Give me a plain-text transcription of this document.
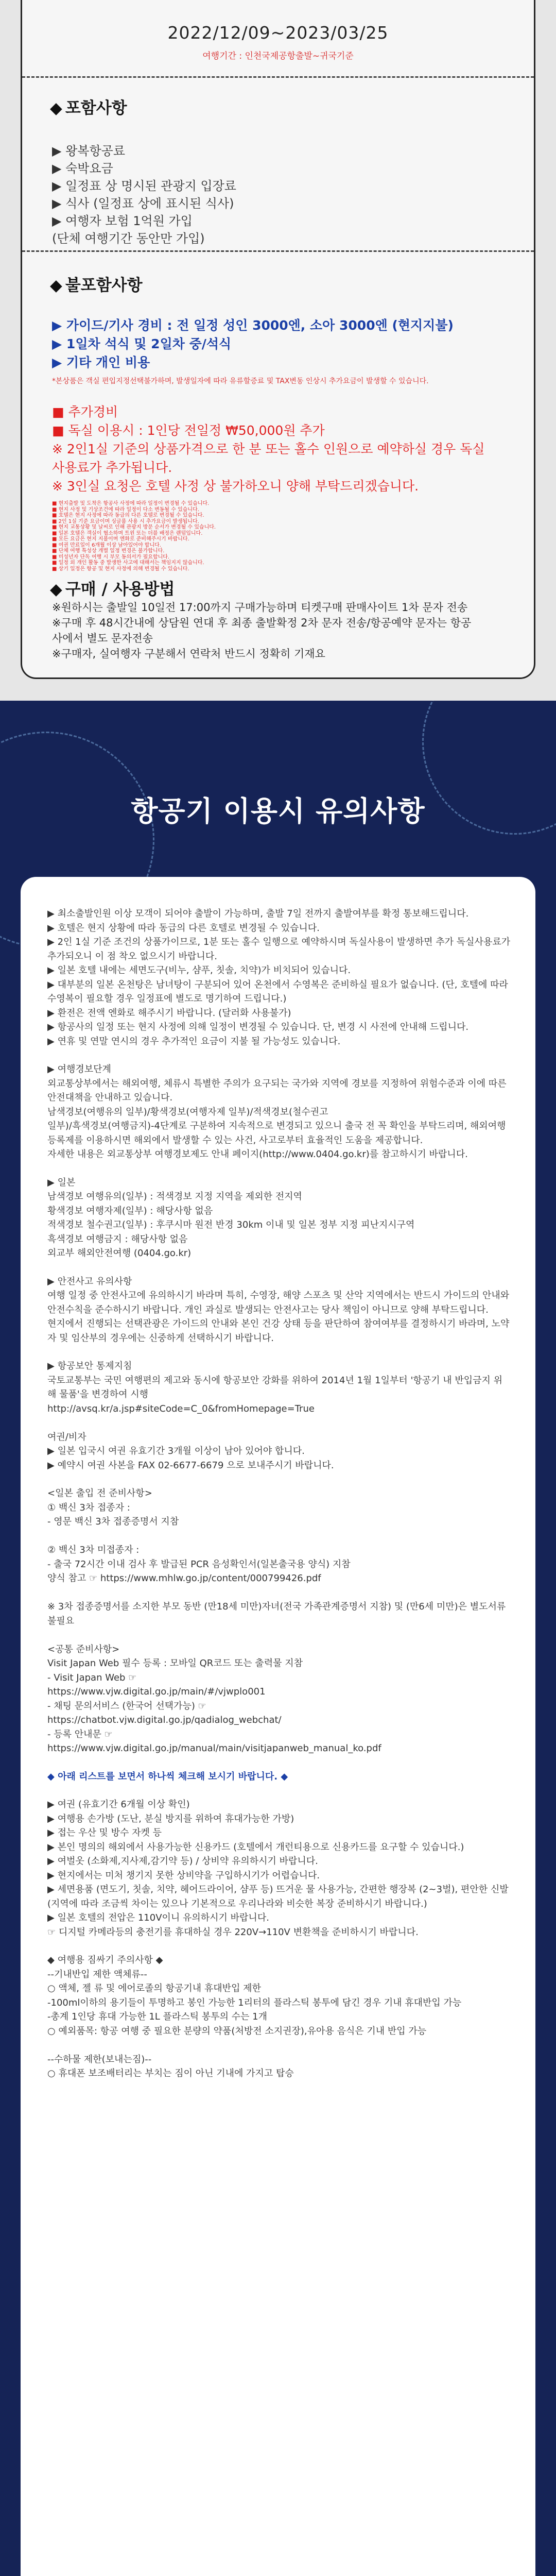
2022/12/09~2023/03/25
여행기간 : 인천국제공항출발~귀국기준
◆ 포함사항
▶ 왕복항공료
▶ 숙박요금
▶ 일정표 상 명시된 관광지 입장료
▶ 식사 (일정표 상에 표시된 식사)
▶ 여행자 보험 1억원 가입
(단체 여행기간 동안만 가입)
◆ 불포함사항
▶ 가이드/기사 경비 : 전 일정 성인 3000엔, 소아 3000엔 (현지지불)
▶ 1일차 석식 및 2일차 중/석식
▶ 기타 개인 비용
*본상품은 객실 편입지정선택불가하며, 발생일자에 따라 유류할증료 및 TAX변동 인상시 추가요금이 발생할 수 있습니다.
■ 추가경비
■ 독실 이용시 : 1인당 전일정 ₩50,000원 추가
※ 2인1실 기준의 상품가격으로 한 분 또는 홀수 인원으로 예약하실 경우 독실
사용료가 추가됩니다.
※ 3인실 요청은 호텔 사정 상 불가하오니 양해 부탁드리겠습니다.
■ 현지출발 및 도착은 항공사 사정에 따라 일정이 변경될 수 있습니다.
■ 현지 사정 및 기상조건에 따라 일정이 다소 변동될 수 있습니다.
■ 호텔은 현지 사정에 따라 동급의 다른 호텔로 변경될 수 있습니다.
■ 2인 1실 기준 요금이며 싱글룸 사용 시 추가요금이 발생됩니다.
■ 현지 교통상황 및 날씨로 인해 관광지 방문 순서가 변경될 수 있습니다.
■ 일본 호텔은 객실이 협소하며 트윈 또는 더블 배정은 랜덤입니다.
■ 모든 요금은 현지 지불이며 엔화로 준비해주시기 바랍니다.
■ 여권 만료일이 6개월 이상 남아있어야 합니다.
■ 단체 여행 특성상 개별 일정 변경은 불가합니다.
■ 미성년자 단독 여행 시 부모 동의서가 필요합니다.
■ 일정 외 개인 활동 중 발생한 사고에 대해서는 책임지지 않습니다.
■ 상기 일정은 항공 및 현지 사정에 의해 변경될 수 있습니다.
◆ 구매 / 사용방법
※원하시는 출발일 10일전 17:00까지 구매가능하며 티켓구매 판매사이트 1차 문자 전송
※구매 후 48시간내에 상담원 연대 후 최종 출발확정 2차 문자 전송/항공예약 문자는 항공
사에서 별도 문자전송
※구매자, 실여행자 구분해서 연락처 반드시 정확히 기재요
항공기 이용시 유의사항

▶ 최소출발인원 이상 모객이 되어야 출발이 가능하며, 출발 7일 전까지 출발여부를 확정 통보해드립니다.
▶ 호텔은 현지 상황에 따라 동급의 다른 호텔로 변경될 수 있습니다.
▶ 2인 1실 기준 조건의 상품가이므로, 1분 또는 홀수 일행으로 예약하시며 독실사용이 발생하면 추가 독실사용료가 추가되오니 이 점 착오 없으시기 바랍니다.
▶ 일본 호텔 내에는 세면도구(비누, 샴푸, 칫솔, 치약)가 비치되어 있습니다.
▶ 대부분의 일본 온천탕은 남녀탕이 구분되어 있어 온천에서 수영복은 준비하실 필요가 없습니다. (단, 호텔에 따라 수영복이 필요할 경우 일정표에 별도로 명기하여 드립니다.)
▶ 환전은 전액 엔화로 해주시기 바랍니다. (달러화 사용불가)
▶ 항공사의 일정 또는 현지 사정에 의해 일정이 변경될 수 있습니다. 단, 변경 시 사전에 안내해 드립니다.
▶ 연휴 및 연말 연시의 경우 추가적인 요금이 지불 될 가능성도 있습니다.

▶ 여행경보단계
외교통상부에서는 해외여행, 체류시 특별한 주의가 요구되는 국가와 지역에 경보를 지정하여 위험수준과 이에 따른 안전대책을 안내하고 있습니다.
남색경보(여행유의 일부)/황색경보(여행자제 일부)/적색경보(철수권고
일부)/흑색경보(여행금지)-4단계로 구분하여 지속적으로 변경되고 있으니 출국 전 꼭 확인을 부탁드리며, 해외여행 등록제를 이용하시면 해외에서 발생할 수 있는 사건, 사고로부터 효율적인 도움을 제공합니다.
자세한 내용은 외교통상부 여행경보제도 안내 페이지(http://www.0404.go.kr)를 참고하시기 바랍니다.

▶ 일본
남색경보 여행유의(일부) : 적색경보 지정 지역을 제외한 전지역
황색경보 여행자제(일부) : 해당사항 없음
적색경보 철수권고(일부) : 후쿠시마 원전 반경 30km 이내 및 일본 정부 지정 피난지시구역
흑색경보 여행금지 : 해당사항 없음
외교부 해외안전여행 (0404.go.kr)

▶ 안전사고 유의사항
여행 일정 중 안전사고에 유의하시기 바라며 특히, 수영장, 해양 스포츠 및 산악 지역에서는 반드시 가이드의 안내와 안전수칙을 준수하시기 바랍니다. 개인 과실로 발생되는 안전사고는 당사 책임이 아니므로 양해 부탁드립니다.
현지에서 진행되는 선택관광은 가이드의 안내와 본인 건강 상태 등을 판단하여 참여여부를 결정하시기 바라며, 노약자 및 임산부의 경우에는 신중하게 선택하시기 바랍니다.

▶ 항공보안 통제지침
국토교통부는 국민 여행편의 제고와 동시에 항공보안 강화를 위하여 2014년 1월 1일부터 '항공기 내 반입금지 위해 물품'을 변경하여 시행
http://avsq.kr/a.jsp#siteCode=C_0&fromHomepage=True

여권/비자
▶ 일본 입국시 여권 유효기간 3개월 이상이 남아 있어야 합니다.
▶ 예약시 여권 사본을 FAX 02-6677-6679 으로 보내주시기 바랍니다.

<일본 출입 전 준비사항>
① 백신 3차 접종자 :
- 영문 백신 3차 접종증명서 지참

② 백신 3차 미접종자 :
- 출국 72시간 이내 검사 후 발급된 PCR 음성확인서(일본출국용 양식) 지참
양식 참고 ☞ https://www.mhlw.go.jp/content/000799426.pdf

※ 3차 접종증명서를 소지한 부모 동반 (만18세 미만)자녀(전국 가족관계증명서 지참) 및 (만6세 미만)은 별도서류 불필요

<공통 준비사항>
Visit Japan Web 필수 등록 : 모바일 QR코드 또는 출력물 지참
- Visit Japan Web ☞
https://www.vjw.digital.go.jp/main/#/vjwplo001
- 채팅 문의서비스 (한국어 선택가능) ☞
https://chatbot.vjw.digital.go.jp/qadialog_webchat/
- 등록 안내문 ☞
https://www.vjw.digital.go.jp/manual/main/visitjapanweb_manual_ko.pdf

◆ 아래 리스트를 보면서 하나씩 체크해 보시기 바랍니다. ◆

▶ 여권 (유효기간 6개월 이상 확인)
▶ 여행용 손가방 (도난, 분실 방지를 위하여 휴대가능한 가방)
▶ 접는 우산 및 방수 자켓 등
▶ 본인 명의의 해외에서 사용가능한 신용카드 (호텔에서 개런티용으로 신용카드를 요구할 수 있습니다.)
▶ 여벌옷 (소화제,지사제,감기약 등) / 상비약 유의하시기 바랍니다.
▶ 현지에서는 미처 챙기지 못한 상비약을 구입하시기가 어렵습니다.
▶ 세면용품 (면도기, 칫솔, 치약, 헤어드라이어, 샴푸 등) 뜨거운 물 사용가능, 간편한 행장복 (2~3벌), 편안한 신발
(지역에 따라 조금씩 차이는 있으나 기본적으로 우리나라와 비슷한 복장 준비하시기 바랍니다.)
▶ 일본 호텔의 전압은 110V이니 유의하시기 바랍니다.
☞ 디지털 카메라등의 충전기를 휴대하실 경우 220V→110V 변환책을 준비하시기 바랍니다.

◆ 여행용 짐싸기 주의사항 ◆
--기내반입 제한 액체류--
○ 액체, 젤 류 및 에어로졸의 항공기내 휴대반입 제한
-100ml이하의 용기들이 투명하고 봉인 가능한 1리터의 플라스틱 봉투에 담긴 경우 기내 휴대반입 가능
-총계 1인당 휴대 가능한 1L 플라스틱 봉투의 수는 1개
○ 예외품목: 항공 여행 중 필요한 분량의 약품(처방전 소지권장),유아용 음식은 기내 반입 가능

--수하물 제한(보내는짐)--
○ 휴대폰 보조배터리는 부치는 짐이 아닌 기내에 가지고 탑승
